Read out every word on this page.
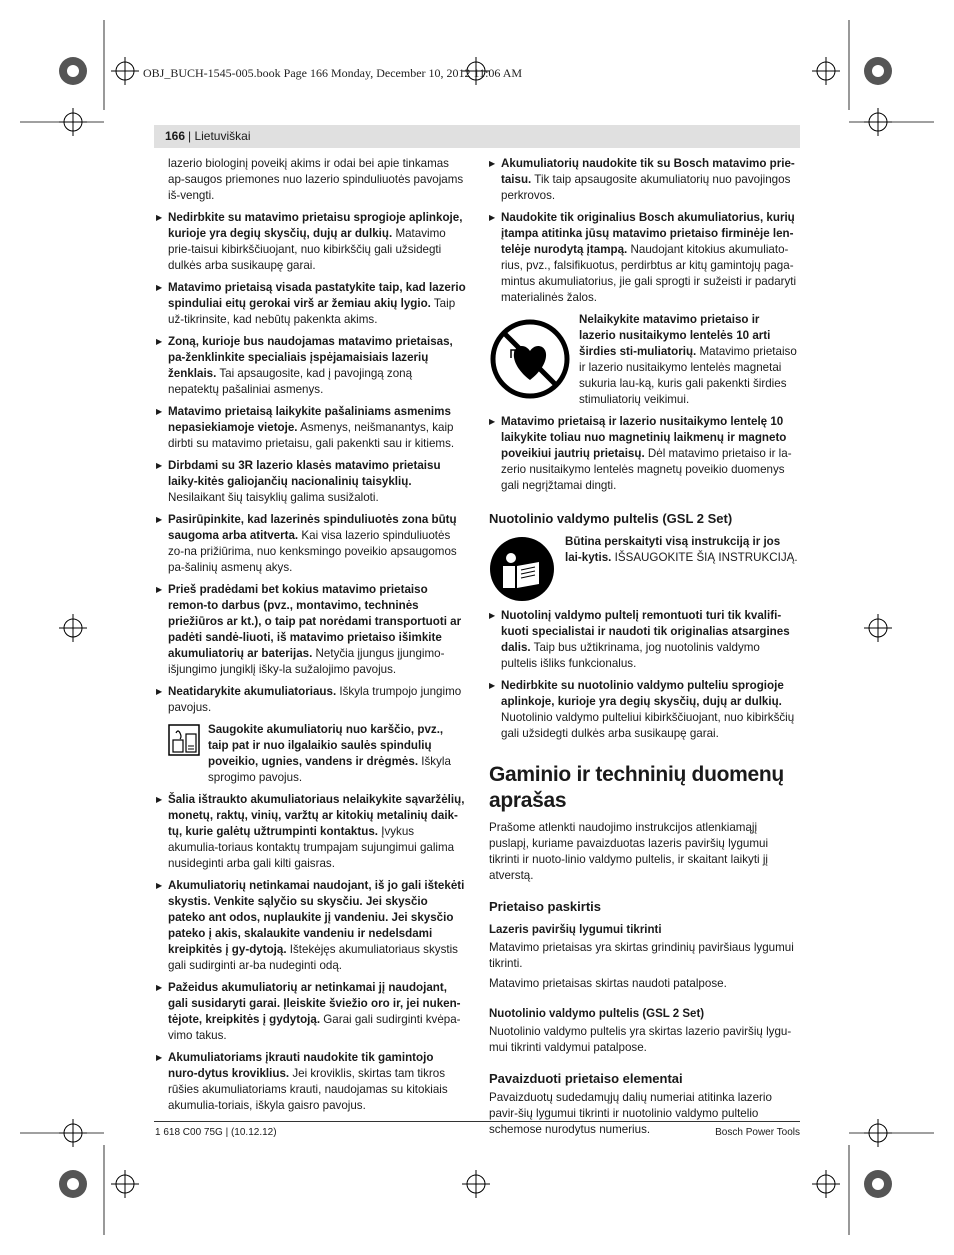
OBJ_BUCH-1545-005.book Page 166 Monday, December 10, 2012 11:06 AM
166 | Lietuviškai

lazerio biologinį poveikį akims ir odai bei apie tinkamas ap-saugos priemones nuo lazerio spinduliuotės pavojams iš-vengti.

▶ Nedirbkite su matavimo prietaisu sprogioje aplinkoje, kurioje yra degių skysčių, dujų ar dulkių. Matavimo prie-taisui kibirkščiuojant, nuo kibirkščių gali užsidegti dulkės arba susikaupę garai.

▶ Matavimo prietaisą visada pastatykite taip, kad lazerio spinduliai eitų gerokai virš ar žemiau akių lygio. Taip už-tikrinsite, kad nebūtų pakenkta akims.

▶ Zoną, kurioje bus naudojamas matavimo prietaisas, pa-ženklinkite specialiais įspėjamaisiais lazerių ženklais. Tai apsaugosite, kad į pavojingą zoną nepatektų pašaliniai asmenys.

▶ Matavimo prietaisą laikykite pašaliniams asmenims nepasiekiamoje vietoje. Asmenys, neišmanantys, kaip dirbti su matavimo prietaisu, gali pakenkti sau ir kitiems.

▶ Dirbdami su 3R lazerio klasės matavimo prietaisu laiky-kitės galiojančių nacionalinių taisyklių. Nesilaikant šių taisyklių galima susižaloti.

▶ Pasirūpinkite, kad lazerinės spinduliuotės zona būtų saugoma arba atitverta. Kai visa lazerio spinduliuotės zo-na prižiūrima, nuo kenksmingo poveikio apsaugomos pa-šalinių asmenų akys.

▶ Prieš pradėdami bet kokius matavimo prietaiso remon-to darbus (pvz., montavimo, techninės priežiūros ar kt.), o taip pat norėdami transportuoti ar padėti sandė-liuoti, iš matavimo prietaiso išimkite akumuliatorių ar baterijas. Netyčia įjungus įjungimo-išjungimo jungiklį išky-la sužalojimo pavojus.

▶ Neatidarykite akumuliatoriaus. Iškyla trumpojo jungimo pavojus.

Saugokite akumuliatorių nuo karščio, pvz., taip pat ir nuo ilgalaikio saulės spindulių poveikio, ugnies, vandens ir drėgmės. Iškyla sprogimo pavojus.

▶ Šalia ištraukto akumuliatoriaus nelaikykite sąvaržėlių, monetų, raktų, vinių, varžtų ar kitokių metalinių daik-tų, kurie galėtų užtrumpinti kontaktus. Įvykus akumulia-toriaus kontaktų trumpajam sujungimui galima nusideginti arba gali kilti gaisras.

▶ Akumuliatorių netinkamai naudojant, iš jo gali ištekėti skystis. Venkite sąlyčio su skysčiu. Jei skysčio pateko ant odos, nuplaukite jį vandeniu. Jei skysčio pateko į akis, skalaukite vandeniu ir nedelsdami kreipkitės į gy-dytoją. Ištekėjęs akumuliatoriaus skystis gali sudirginti ar-ba nudeginti odą.

▶ Pažeidus akumuliatorių ar netinkamai jį naudojant, gali susidaryti garai. Įleiskite šviežio oro ir, jei nuken-tėjote, kreipkitės į gydytoją. Garai gali sudirginti kvėpa-vimo takus.

▶ Akumuliatoriams įkrauti naudokite tik gamintojo nuro-dytus kroviklius. Jei kroviklis, skirtas tam tikros rūšies akumuliatoriams krauti, naudojamas su kitokiais akumulia-toriais, iškyla gaisro pavojus.

▶ Akumuliatorių naudokite tik su Bosch matavimo prie-taisu. Tik taip apsaugosite akumuliatorių nuo pavojingos perkrovos.

▶ Naudokite tik originalius Bosch akumuliatorius, kurių įtampa atitinka jūsų matavimo prietaiso firminėje len-telėje nurodytą įtampą. Naudojant kitokius akumuliato-rius, pvz., falsifikuotus, perdirbtus ar kitų gamintojų paga-mintus akumuliatorius, jie gali sprogti ir sužeisti ir padaryti materialinės žalos.

Nelaikykite matavimo prietaiso ir lazerio nusitaikymo lentelės 10 arti širdies sti-muliatorių. Matavimo prietaiso ir lazerio nusitaikymo lentelės magnetai sukuria lau-ką, kuris gali pakenkti širdies stimuliatorių veikimui.

▶ Matavimo prietaisą ir lazerio nusitaikymo lentelę 10 laikykite toliau nuo magnetinių laikmenų ir magneto poveikiui jautrių prietaisų. Dėl matavimo prietaiso ir la-zerio nusitaikymo lentelės magnetų poveikio duomenys gali negrįžtamai dingti.

Nuotolinio valdymo pultelis (GSL 2 Set)

Būtina perskaityti visą instrukciją ir jos lai-kytis. IŠSAUGOKITE ŠIĄ INSTRUKCIJĄ.

▶ Nuotolinį valdymo pultelį remontuoti turi tik kvalifi-kuoti specialistai ir naudoti tik originalias atsargines dalis. Taip bus užtikrinama, jog nuotolinis valdymo pultelis išliks funkcionalus.

▶ Nedirbkite su nuotolinio valdymo pulteliu sprogioje aplinkoje, kurioje yra degių skysčių, dujų ar dulkių. Nuotolinio valdymo pulteliui kibirkščiuojant, nuo kibirkščių gali užsidegti dulkės arba susikaupę garai.

Gaminio ir techninių duomenų aprašas

Prašome atlenkti naudojimo instrukcijos atlenkiamąjį puslapį, kuriame pavaizduotas lazeris paviršių lygumui tikrinti ir nuoto-linio valdymo pultelis, ir skaitant laikyti jį atverstą.

Prietaiso paskirtis

Lazeris paviršių lygumui tikrinti

Matavimo prietaisas yra skirtas grindinių paviršiaus lygumui tikrinti.

Matavimo prietaisas skirtas naudoti patalpose.

Nuotolinio valdymo pultelis (GSL 2 Set)

Nuotolinio valdymo pultelis yra skirtas lazerio paviršių lygu-mui tikrinti valdymui patalpose.

Pavaizduoti prietaiso elementai

Pavaizduotų sudedamųjų dalių numeriai atitinka lazerio pavir-šių lygumui tikrinti ir nuotolinio valdymo pultelio schemose nurodytus numerius.

1 618 C00 75G | (10.12.12)	Bosch Power Tools
